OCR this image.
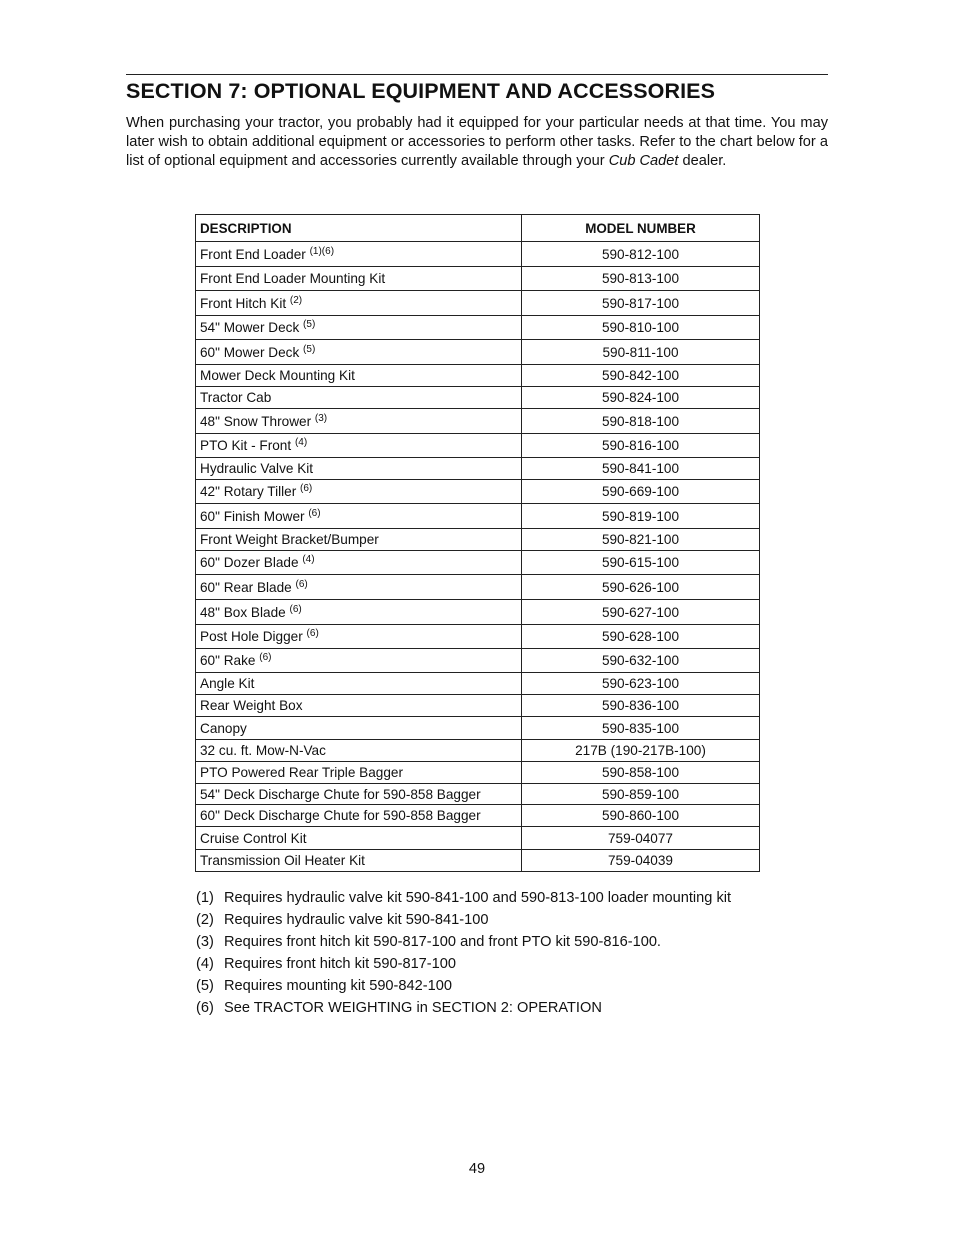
SECTION 7: OPTIONAL EQUIPMENT AND ACCESSORIES

When purchasing your tractor, you probably had it equipped for your particular needs at that time. You may later wish to obtain additional equipment or accessories to perform other tasks. Refer to the chart below for a list of optional equipment and accessories currently available through your Cub Cadet dealer.

DESCRIPTION	MODEL NUMBER
Front End Loader $^{(1)(6)}$	590-812-100
Front End Loader Mounting Kit	590-813-100
Front Hitch Kit $^{(2)}$	590-817-100
54" Mower Deck $^{(5)}$	590-810-100
60" Mower Deck $^{(5)}$	590-811-100
Mower Deck Mounting Kit	590-842-100
Tractor Cab	590-824-100
48" Snow Thrower $^{(3)}$	590-818-100
PTO Kit - Front $^{(4)}$	590-816-100
Hydraulic Valve Kit	590-841-100
42" Rotary Tiller $^{(6)}$	590-669-100
60" Finish Mower $^{(6)}$	590-819-100
Front Weight Bracket/Bumper	590-821-100
60" Dozer Blade $^{(4)}$	590-615-100
60" Rear Blade $^{(6)}$	590-626-100
48" Box Blade $^{(6)}$	590-627-100
Post Hole Digger $^{(6)}$	590-628-100
60" Rake $^{(6)}$	590-632-100
Angle Kit	590-623-100
Rear Weight Box	590-836-100
Canopy	590-835-100
32 cu. ft. Mow-N-Vac	217B (190-217B-100)
PTO Powered Rear Triple Bagger	590-858-100
54" Deck Discharge Chute for 590-858 Bagger	590-859-100
60" Deck Discharge Chute for 590-858 Bagger	590-860-100
Cruise Control Kit	759-04077
Transmission Oil Heater Kit	759-04039
(1) Requires hydraulic valve kit 590-841-100 and 590-813-100 loader mounting kit
(2) Requires hydraulic valve kit 590-841-100
(3) Requires front hitch kit 590-817-100 and front PTO kit 590-816-100.
(4) Requires front hitch kit 590-817-100
(5) Requires mounting kit 590-842-100
(6) See TRACTOR WEIGHTING in SECTION 2: OPERATION
49
